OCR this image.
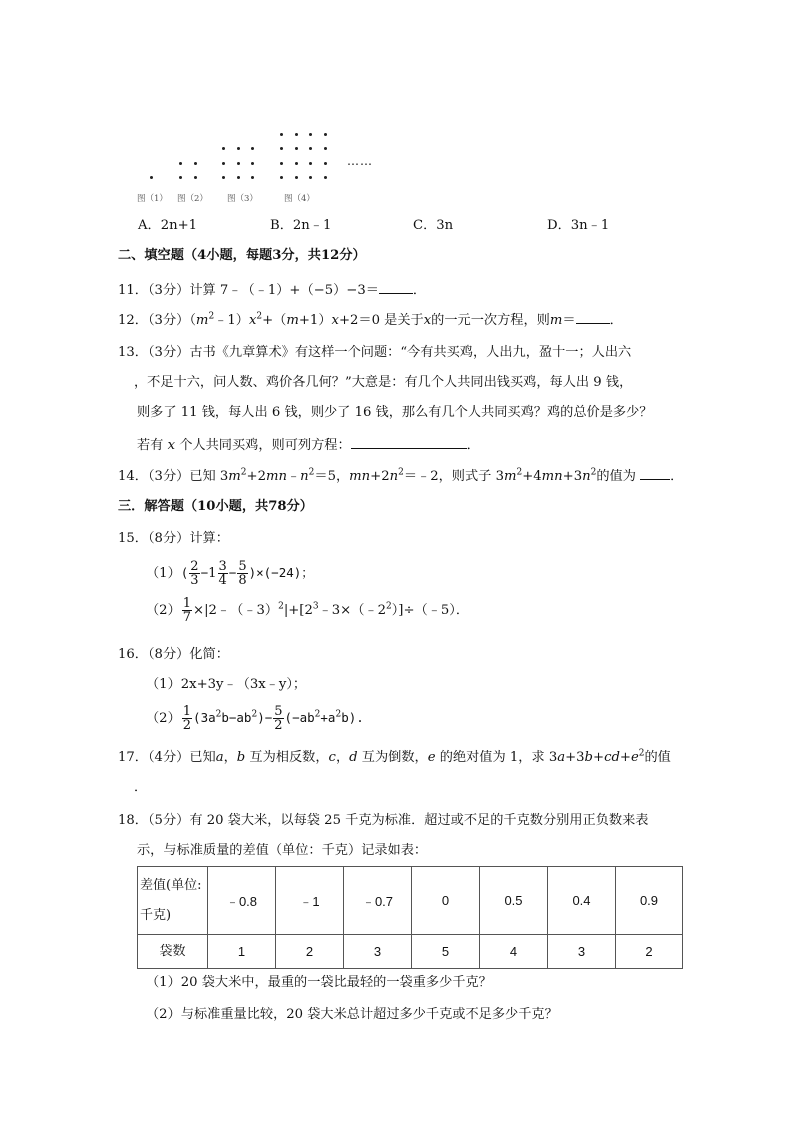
图（1） 图（2） 图（3）	图（4）
……
A．2n+1	B．2n﹣1	C．3n	D．3n﹣1
二、填空题（4小题，每题3分，共12分）
11．（3分）计算 7﹣（﹣1）+（−5）−3＝	．
12．（3分）$(m^2﹣1)x^2+(m+1)x+2=0$ 是关于x的一元一次方程，则m＝	．
13．（3分）古书《九章算术》有这样一个问题：“今有共买鸡，人出九，盈十一；人出六
，不足十六，问人数、鸡价各几何？”大意是：有几个人共同出钱买鸡，每人出 9 钱，
则多了 11 钱，每人出 6 钱，则少了 16 钱，那么有几个人共同买鸡？鸡的总价是多少？
若有 x 个人共同买鸡，则可列方程：	．
14．（3分）已知 $3m^2+2mn﹣n^2=5$，$mn+2n^2=﹣2$，则式子 $3m^2+4mn+3n^2$的值为	．
三．解答题（10小题，共78分）
15．（8分）计算：
$(1)( \frac{2}{3} -1 \frac{3}{4} - \frac{5}{8} )\times(-24)$；
$(2) \frac{1}{7}$ $\times|2﹣(﹣3)^2|+[2^3﹣3\times(﹣2^2)]\div(﹣5)$．
16．（8分）化简：
（1）2x+3y﹣（3x﹣y）；
$(2) \frac{1}{2} (3a^2b-ab^2)- \frac{5}{2} (-ab^2+a^2b)$.
17．（4分）已知a，b 互为相反数，c，d 互为倒数，e 的绝对值为 1，求 $3a+3b+cd+e^2$的值
．
18．（5分）有 20 袋大米，以每袋 25 千克为标准．超过或不足的千克数分别用正负数来表
示，与标准质量的差值（单位：千克）记录如表：
差值(单位:
千克)	﹣0.8	﹣1	﹣0.7	0	0.5	0.4	0.9
袋数	1	2	3	5	4	3	2
（1）20 袋大米中，最重的一袋比最轻的一袋重多少千克？
（2）与标准重量比较，20 袋大米总计超过多少千克或不足多少千克？
